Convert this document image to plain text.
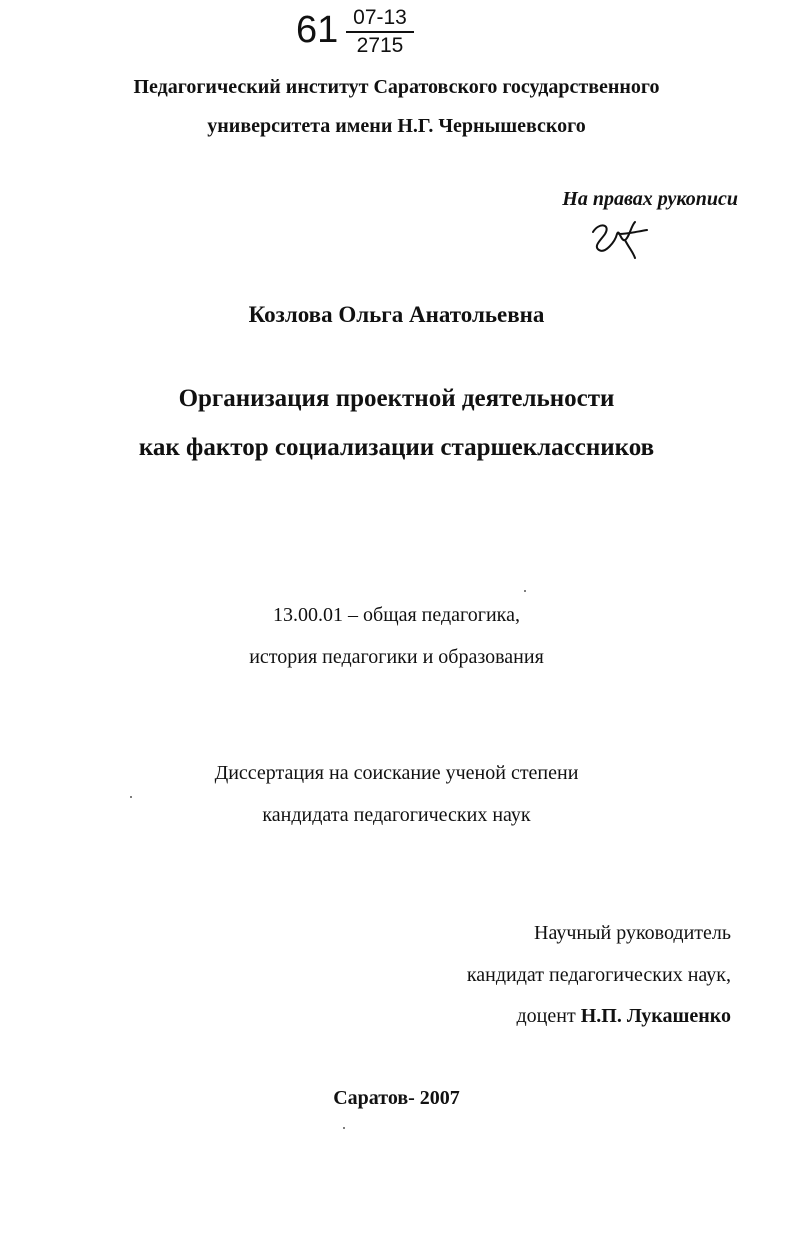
$61 \frac{07-13}{2715}$
Педагогический институт Саратовского государственного
университета имени Н.Г. Чернышевского
На правах рукописи
Козлова Ольга Анатольевна
Организация проектной деятельности
как фактор социализации старшеклассников
13.00.01 – общая педагогика,
история педагогики и образования
Диссертация на соискание ученой степени
кандидата педагогических наук
Научный руководитель
кандидат педагогических наук,
доцент Н.П. Лукашенко
Саратов- 2007
